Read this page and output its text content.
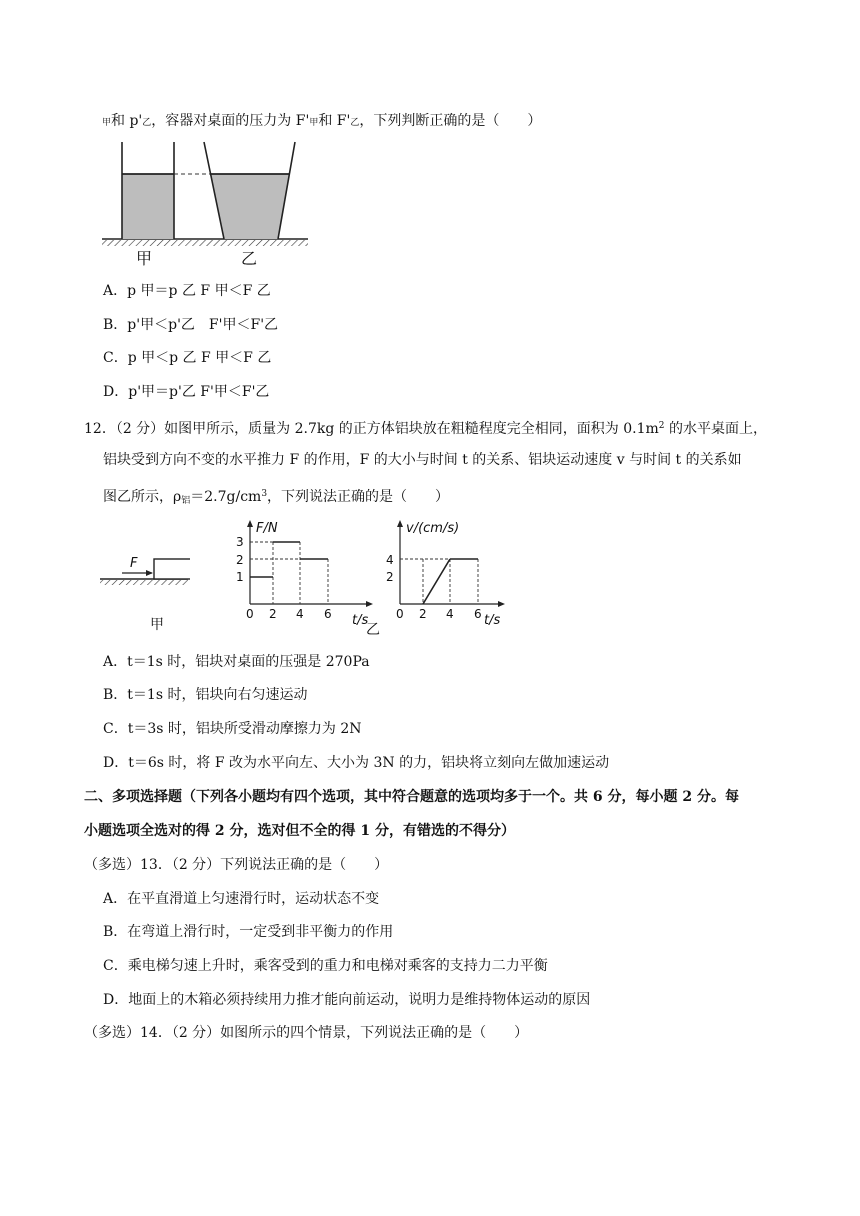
甲和 p'乙，容器对桌面的压力为 F'甲和 F'乙，下列判断正确的是（　　）
甲	乙
A．p 甲＝p 乙 F 甲＜F 乙
B．p'甲＜p'乙　F'甲＜F'乙
C．p 甲＜p 乙 F 甲＜F 乙
D．p'甲＝p'乙 F'甲＜F'乙
12．（2 分）如图甲所示，质量为 2.7kg 的正方体铝块放在粗糙程度完全相同，面积为 $0.1m^2$ 的水平桌面上，
铝块受到方向不变的水平推力 F 的作用，F 的大小与时间 t 的关系、铝块运动速度 v 与时间 t 的关系如
图乙所示，$\rho_铝=2.7g/cm^3$，下列说法正确的是（　　）
F
甲
F/N
t/s
1
2
3
0 2 4 6
乙
v/(cm/s)
t/s
2
4
0 2 4 6
A．t＝1s 时，铝块对桌面的压强是 270Pa
B．t＝1s 时，铝块向右匀速运动
C．t＝3s 时，铝块所受滑动摩擦力为 2N
D．t＝6s 时，将 F 改为水平向左、大小为 3N 的力，铝块将立刻向左做加速运动
二、多项选择题（下列各小题均有四个选项，其中符合题意的选项均多于一个。共 6 分，每小题 2 分。每
小题选项全选对的得 2 分，选对但不全的得 1 分，有错选的不得分）
（多选）13．（2 分）下列说法正确的是（　　）
A．在平直滑道上匀速滑行时，运动状态不变
B．在弯道上滑行时，一定受到非平衡力的作用
C．乘电梯匀速上升时，乘客受到的重力和电梯对乘客的支持力二力平衡
D．地面上的木箱必须持续用力推才能向前运动，说明力是维持物体运动的原因
（多选）14．（2 分）如图所示的四个情景，下列说法正确的是（　　）
